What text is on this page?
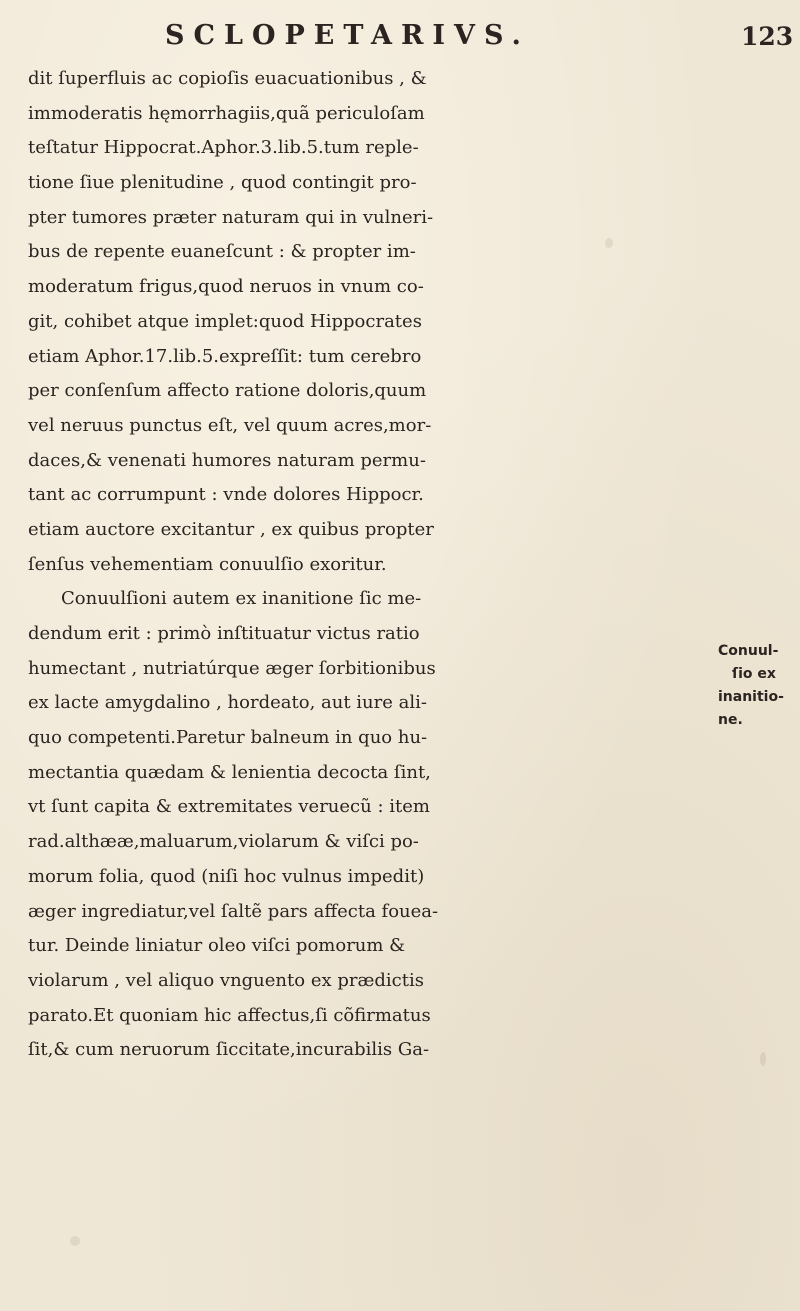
SCLOPETARIVS.	123
dit ſuperfluis ac copioſis euacuationibus , &
immoderatis hęmorrhagiis,quã periculoſam
teſtatur Hippocrat.Aphor.3.lib.5.tum reple-
tione ſiue plenitudine , quod contingit pro-
pter tumores præter naturam qui in vulneri-
bus de repente euaneſcunt : & propter im-
moderatum frigus,quod neruos in vnum co-
git, cohibet atque implet:quod Hippocrates
etiam Aphor.17.lib.5.expreſſit: tum cerebro
per conſenſum affecto ratione doloris,quum
vel neruus punctus eſt, vel quum acres,mor-
daces,& venenati humores naturam permu-
tant ac corrumpunt : vnde dolores Hippocr.
etiam auctore excitantur , ex quibus propter
ſenſus vehementiam conuulſio exoritur.
Conuulſioni autem ex inanitione ſic me-
dendum erit : primò inſtituatur victus ratio
humectant , nutriatúrque æger ſorbitionibus
ex lacte amygdalino , hordeato, aut iure ali-
quo competenti.Paretur balneum in quo hu-
mectantia quædam & lenientia decocta ſint,
vt ſunt capita & extremitates veruecũ : item
rad.althææ,maluarum,violarum & viſci po-
morum folia, quod (niſi hoc vulnus impedit)
æger ingrediatur,vel ſaltẽ pars affecta fouea-
tur. Deinde liniatur oleo viſci pomorum &
violarum , vel aliquo vnguento ex prædictis
parato.Et quoniam hic affectus,ſi cõfirmatus
ſit,& cum neruorum ſiccitate,incurabilis Ga-
Conuul-
ſio ex
inanitio-
ne.
